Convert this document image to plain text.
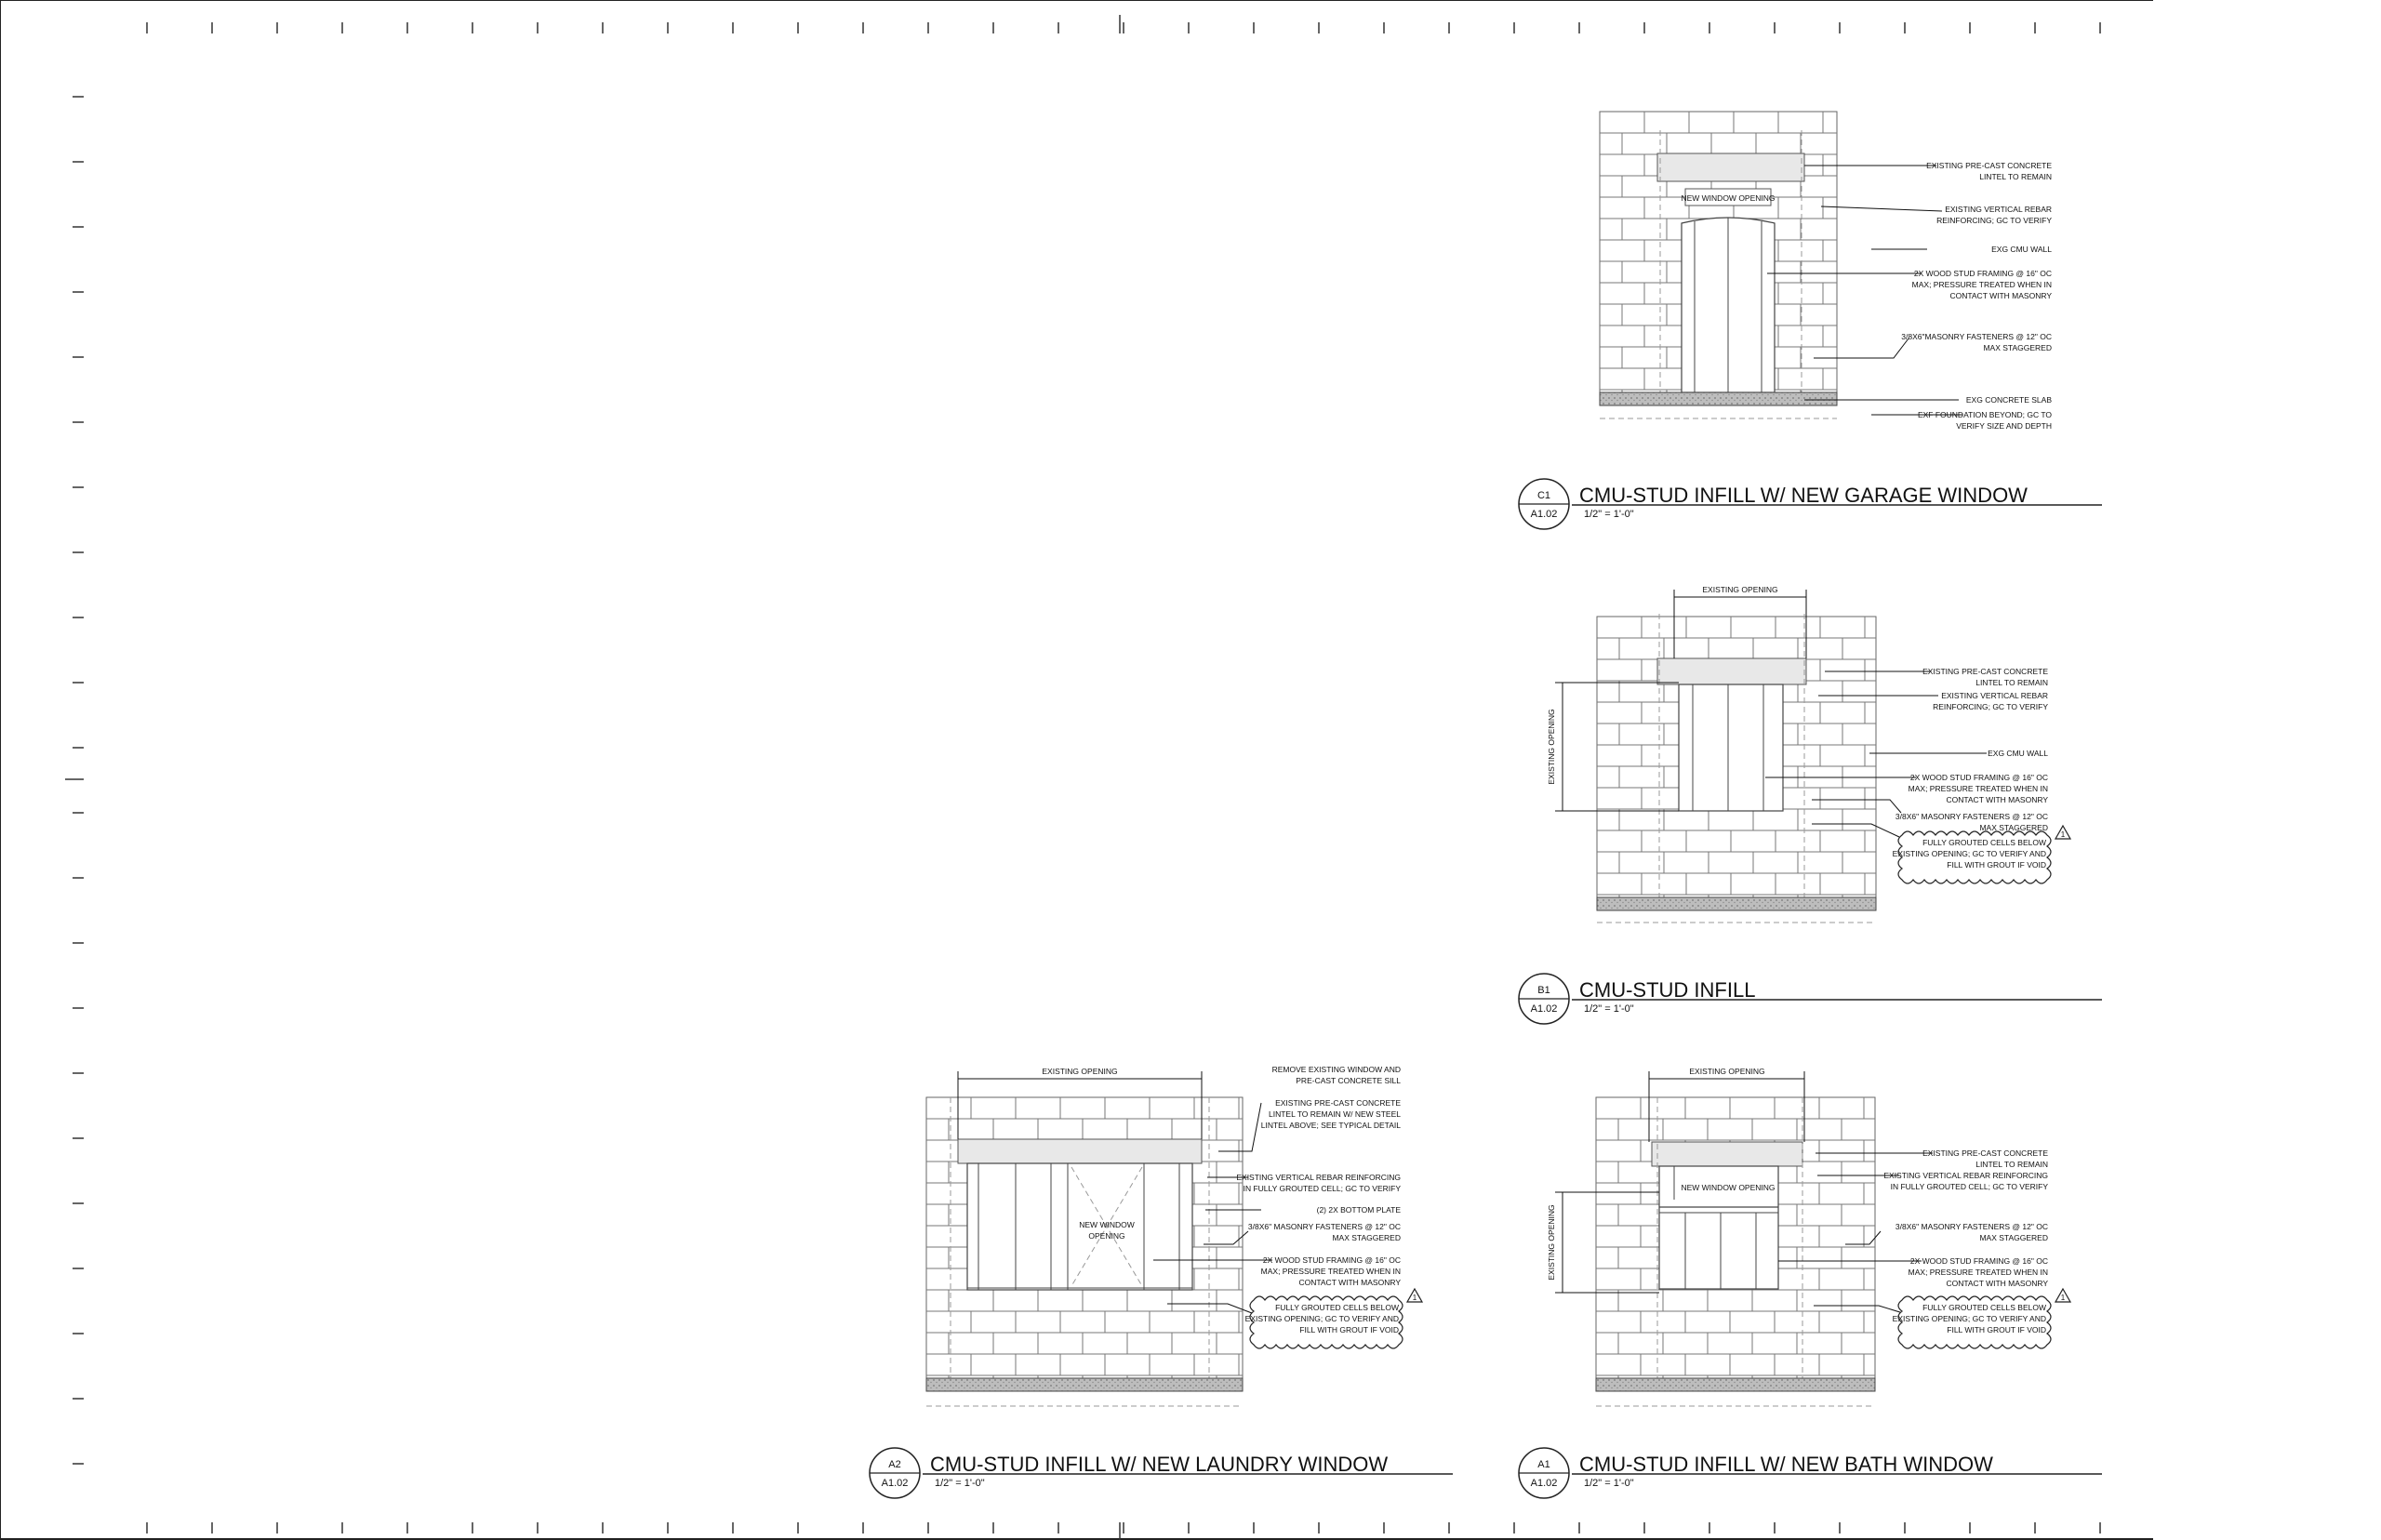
NEW WINDOW OPENING
EXISTING PRE-CAST CONCRETE LINTEL TO REMAIN
EXISTING VERTICAL REBAR REINFORCING; GC TO VERIFY
EXG CMU WALL
2X WOOD STUD FRAMING @ 16" OC MAX; PRESSURE TREATED WHEN IN CONTACT WITH MASONRY
3/8X6"MASONRY FASTENERS @ 12" OC MAX STAGGERED
EXG CONCRETE SLAB
EXF FOUNDATION BEYOND; GC TO VERIFY SIZE AND DEPTH
C1
A1.02
CMU-STUD INFILL W/ NEW GARAGE WINDOW
1/2" = 1'-0"
EXISTING OPENING
EXISTING OPENING
EXISTING PRE-CAST CONCRETE LINTEL TO REMAIN
EXISTING VERTICAL REBAR REINFORCING; GC TO VERIFY
EXG CMU WALL
2X WOOD STUD FRAMING @ 16" OC MAX; PRESSURE TREATED WHEN IN CONTACT WITH MASONRY
3/8X6" MASONRY FASTENERS @ 12" OC MAX STAGGERED
FULLY GROUTED CELLS BELOW EXISTING OPENING; GC TO VERIFY AND FILL WITH GROUT IF VOID
1
B1
A1.02
CMU-STUD INFILL
1/2" = 1'-0"
NEW WINDOW OPENING
EXISTING OPENING	REMOVE EXISTING WINDOW AND PRE-CAST CONCRETE SILL
EXISTING PRE-CAST CONCRETE LINTEL TO REMAIN W/ NEW STEEL LINTEL ABOVE; SEE TYPICAL DETAIL
EXISTING VERTICAL REBAR REINFORCING IN FULLY GROUTED CELL; GC TO VERIFY
(2) 2X BOTTOM PLATE
3/8X6" MASONRY FASTENERS @ 12" OC MAX STAGGERED
2X WOOD STUD FRAMING @ 16" OC MAX; PRESSURE TREATED WHEN IN CONTACT WITH MASONRY
FULLY GROUTED CELLS BELOW EXISTING OPENING; GC TO VERIFY AND FILL WITH GROUT IF VOID
1
A2
A1.02
CMU-STUD INFILL W/ NEW LAUNDRY WINDOW
1/2" = 1'-0"
NEW WINDOW OPENING
EXISTING OPENING
EXISTING OPENING
EXISTING PRE-CAST CONCRETE LINTEL TO REMAIN
EXISTING VERTICAL REBAR REINFORCING IN FULLY GROUTED CELL; GC TO VERIFY
3/8X6" MASONRY FASTENERS @ 12" OC MAX STAGGERED
2X WOOD STUD FRAMING @ 16" OC MAX; PRESSURE TREATED WHEN IN CONTACT WITH MASONRY
FULLY GROUTED CELLS BELOW EXISTING OPENING; GC TO VERIFY AND FILL WITH GROUT IF VOID
1
A1
A1.02
CMU-STUD INFILL W/ NEW BATH WINDOW
1/2" = 1'-0"
